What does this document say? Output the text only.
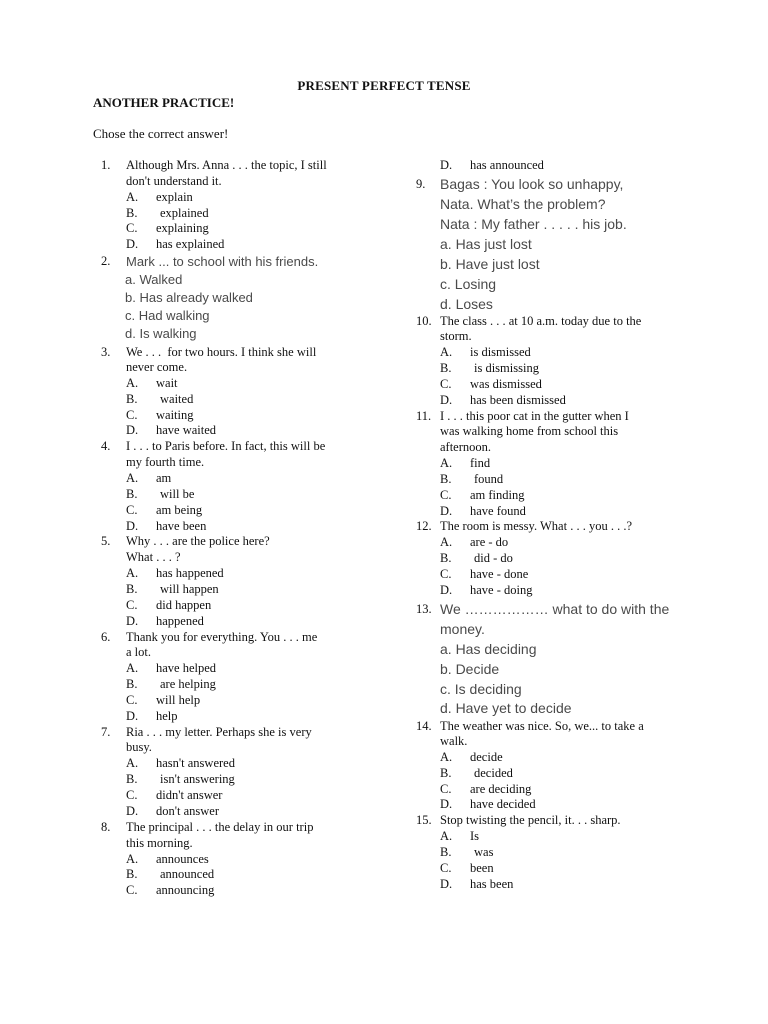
PRESENT PERFECT TENSE
ANOTHER PRACTICE!
Chose the correct answer!
1. Although Mrs. Anna . . . the topic, I still
don't understand it.
A. explain
B. explained
C. explaining
D. has explained
2. Mark ... to school with his friends.
a. Walked
b. Has already walked
c. Had walking
d. Is walking
3. We . . .  for two hours. I think she will
never come.
A. wait
B. waited
C. waiting
D. have waited
4. I . . . to Paris before. In fact, this will be
my fourth time.
A. am
B. will be
C. am being
D. have been
5. Why . . . are the police here?
What . . . ?
A. has happened
B. will happen
C. did happen
D. happened
6. Thank you for everything. You . . . me
a lot.
A. have helped
B. are helping
C. will help
D. help
7. Ria . . . my letter. Perhaps she is very
busy.
A. hasn't answered
B. isn't answering
C. didn't answer
D. don't answer
8. The principal . . . the delay in our trip
this morning.
A. announces
B. announced
C. announcing
D. has announced
9. Bagas : You look so unhappy,
Nata. What’s the problem?
Nata : My father . . . . . his job.
a. Has just lost
b. Have just lost
c. Losing
d. Loses
10. The class . . . at 10 a.m. today due to the
storm.
A. is dismissed
B. is dismissing
C. was dismissed
D. has been dismissed
11. I . . . this poor cat in the gutter when I
was walking home from school this
afternoon.
A. find
B. found
C. am finding
D. have found
12. The room is messy. What . . . you . . .?
A. are - do
B. did - do
C. have - done
D. have - doing
13. We ……………… what to do with the
money.
a. Has deciding
b. Decide
c. Is deciding
d. Have yet to decide
14. The weather was nice. So, we... to take a
walk.
A. decide
B. decided
C. are deciding
D. have decided
15. Stop twisting the pencil, it. . . sharp.
A. Is
B. was
C. been
D. has been
